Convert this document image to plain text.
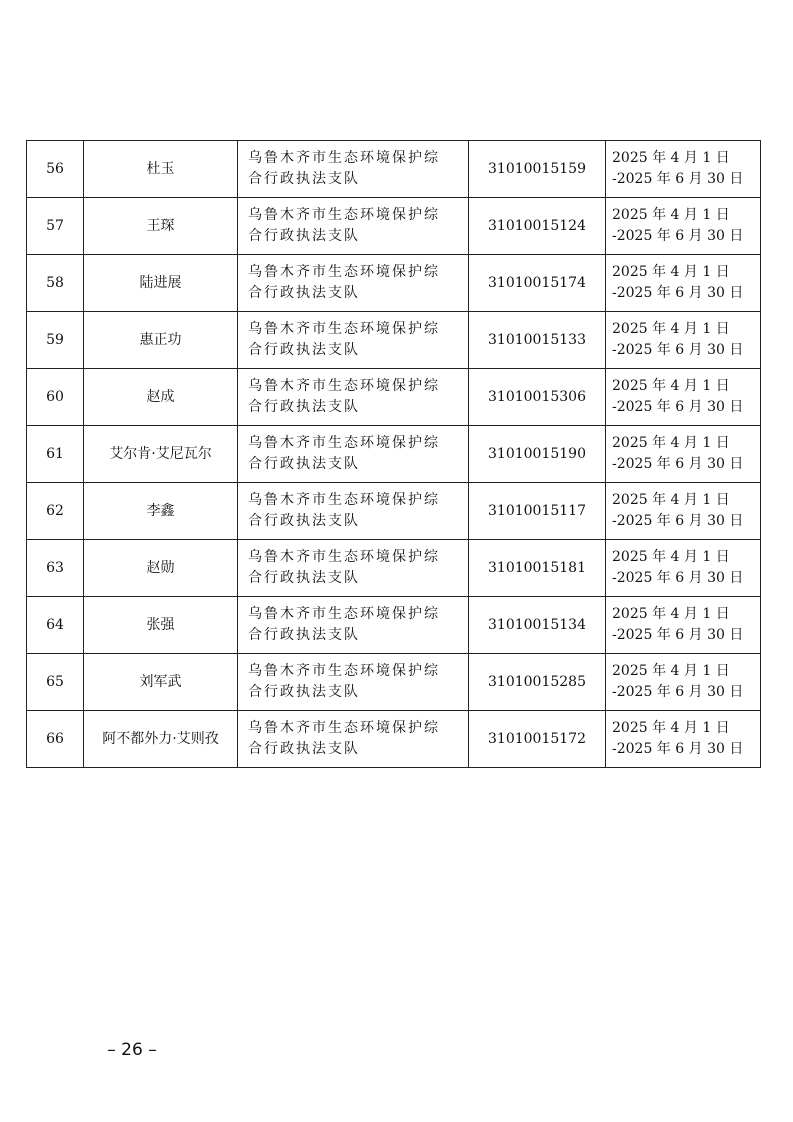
56	杜玉	乌鲁木齐市生态环境保护综
合行政执法支队	31010015159	2025 年 4 月 1 日
-2025 年 6 月 30 日

57	王琛	乌鲁木齐市生态环境保护综
合行政执法支队	31010015124	2025 年 4 月 1 日
-2025 年 6 月 30 日

58	陆进展	乌鲁木齐市生态环境保护综
合行政执法支队	31010015174	2025 年 4 月 1 日
-2025 年 6 月 30 日

59	惠正功	乌鲁木齐市生态环境保护综
合行政执法支队	31010015133	2025 年 4 月 1 日
-2025 年 6 月 30 日

60	赵成	乌鲁木齐市生态环境保护综
合行政执法支队	31010015306	2025 年 4 月 1 日
-2025 年 6 月 30 日

61	艾尔肯·艾尼瓦尔	乌鲁木齐市生态环境保护综
合行政执法支队	31010015190	2025 年 4 月 1 日
-2025 年 6 月 30 日

62	李鑫	乌鲁木齐市生态环境保护综
合行政执法支队	31010015117	2025 年 4 月 1 日
-2025 年 6 月 30 日

63	赵勋	乌鲁木齐市生态环境保护综
合行政执法支队	31010015181	2025 年 4 月 1 日
-2025 年 6 月 30 日

64	张强	乌鲁木齐市生态环境保护综
合行政执法支队	31010015134	2025 年 4 月 1 日
-2025 年 6 月 30 日

65	刘军武	乌鲁木齐市生态环境保护综
合行政执法支队	31010015285	2025 年 4 月 1 日
-2025 年 6 月 30 日

66	阿不都外力·艾则孜	乌鲁木齐市生态环境保护综
合行政执法支队	31010015172	2025 年 4 月 1 日
-2025 年 6 月 30 日
– 26 –
